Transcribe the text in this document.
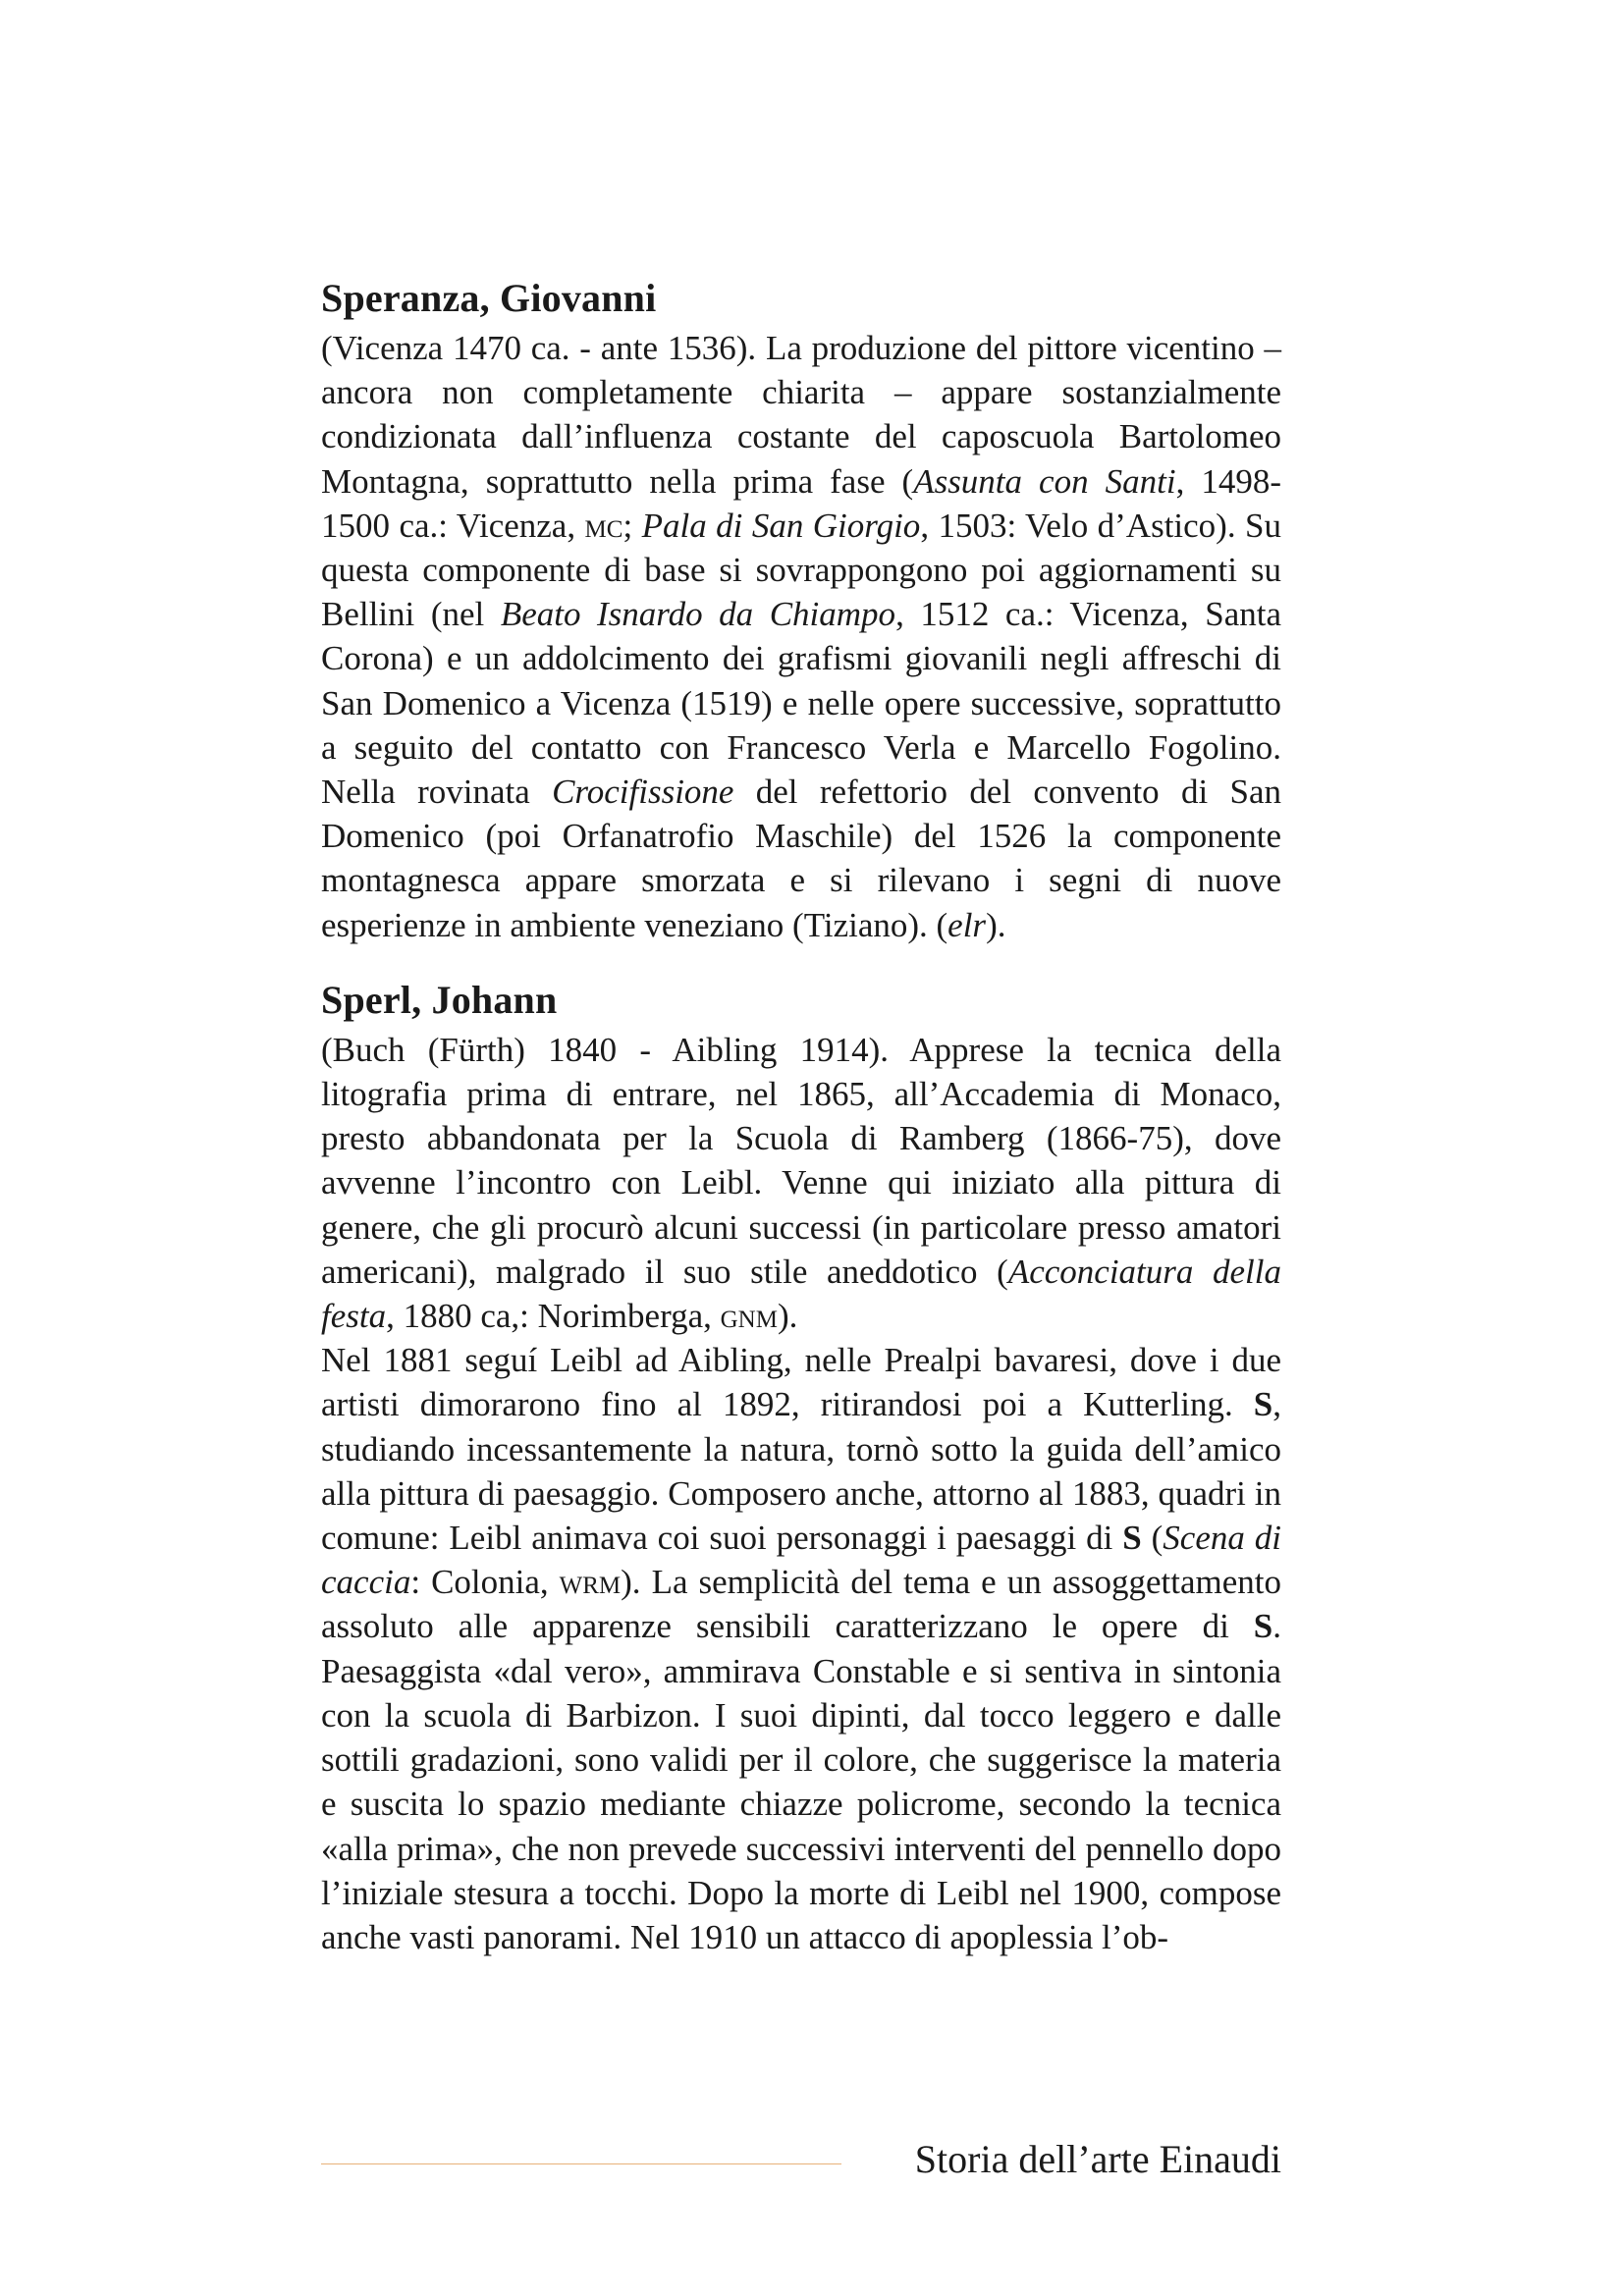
Speranza, Giovanni

(Vicenza 1470 ca. - ante 1536). La produzione del pittore vicentino – ancora non completamente chiarita – appare sostanzialmente condizionata dall’influenza costante del caposcuola Bartolomeo Montagna, soprattutto nella prima fase (Assunta con Santi, 1498-1500 ca.: Vicenza, mc; Pala di San Giorgio, 1503: Velo d’Astico). Su questa componente di base si sovrappongono poi aggiornamenti su Bellini (nel Beato Isnardo da Chiampo, 1512 ca.: Vicenza, Santa Corona) e un addolcimento dei grafismi giovanili negli affreschi di San Domenico a Vicenza (1519) e nelle opere successive, soprattutto a seguito del contatto con Francesco Verla e Marcello Fogolino. Nella rovinata Crocifissione del refettorio del convento di San Domenico (poi Orfanatrofio Maschile) del 1526 la componente montagnesca appare smorzata e si rilevano i segni di nuove esperienze in ambiente veneziano (Tiziano). (elr).

Sperl, Johann

(Buch (Fürth) 1840 - Aibling 1914). Apprese la tecnica della litografia prima di entrare, nel 1865, all’Accademia di Monaco, presto abbandonata per la Scuola di Ramberg (1866-75), dove avvenne l’incontro con Leibl. Venne qui iniziato alla pittura di genere, che gli procurò alcuni successi (in particolare presso amatori americani), malgrado il suo stile aneddotico (Acconciatura della festa, 1880 ca,: Norimberga, gnm).
Nel 1881 seguí Leibl ad Aibling, nelle Prealpi bavaresi, dove i due artisti dimorarono fino al 1892, ritirandosi poi a Kutterling. S, studiando incessantemente la natura, tornò sotto la guida dell’amico alla pittura di paesaggio. Composero anche, attorno al 1883, quadri in comune: Leibl animava coi suoi personaggi i paesaggi di S (Scena di caccia: Colonia, wrm). La semplicità del tema e un assoggettamento assoluto alle apparenze sensibili caratterizzano le opere di S. Paesaggista «dal vero», ammirava Constable e si sentiva in sintonia con la scuola di Barbizon. I suoi dipinti, dal tocco leggero e dalle sottili gradazioni, sono validi per il colore, che suggerisce la materia e suscita lo spazio mediante chiazze policrome, secondo la tecnica «alla prima», che non prevede successivi interventi del pennello dopo l’iniziale stesura a tocchi. Dopo la morte di Leibl nel 1900, compose anche vasti panorami. Nel 1910 un attacco di apoplessia l’ob-

Storia dell’arte Einaudi
